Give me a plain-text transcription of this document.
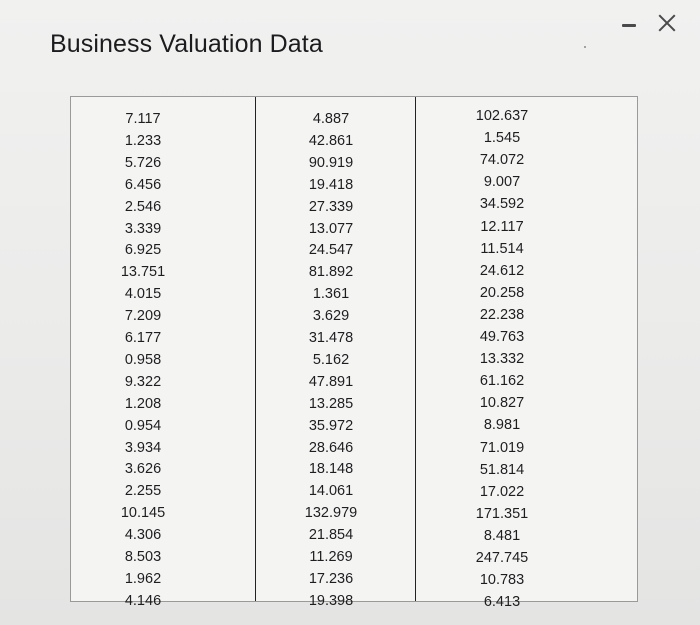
Business Valuation Data
7.117
1.233
5.726
6.456
2.546
3.339
6.925
13.751
4.015
7.209
6.177
0.958
9.322
1.208
0.954
3.934
3.626
2.255
10.145
4.306
8.503
1.962
4.146
4.887
42.861
90.919
19.418
27.339
13.077
24.547
81.892
1.361
3.629
31.478
5.162
47.891
13.285
35.972
28.646
18.148
14.061
132.979
21.854
11.269
17.236
19.398
102.637
1.545
74.072
9.007
34.592
12.117
11.514
24.612
20.258
22.238
49.763
13.332
61.162
10.827
8.981
71.019
51.814
17.022
171.351
8.481
247.745
10.783
6.413
